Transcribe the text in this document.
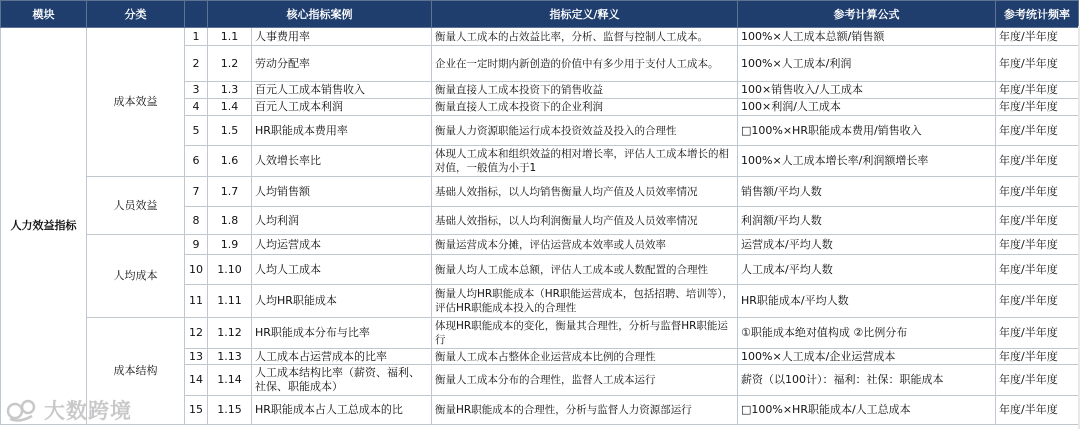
模块	分类		核心指标案例		指标定义/释义	参考计算公式	参考统计频率
人力效益指标	成本效益	1	1.1	人事费用率	衡量人工成本的占效益比率，分析、监督与控制人工成本。	100%×人工成本总额/销售额	年度/半年度
		2	1.2	劳动分配率	企业在一定时期内新创造的价值中有多少用于支付人工成本。	100%×人工成本/利润	年度/半年度
		3	1.3	百元人工成本销售收入	衡量直接人工成本投资下的销售收益	100×销售收入/人工成本	年度/半年度
		4	1.4	百元人工成本利润	衡量直接人工成本投资下的企业利润	100×利润/人工成本	年度/半年度
		5	1.5	HR职能成本费用率	衡量人力资源职能运行成本投资效益及投入的合理性	□100%×HR职能成本费用/销售收入	年度/半年度
		6	1.6	人效增长率比	体现人工成本和组织效益的相对增长率，评估人工成本增长的相对值，一般值为小于1	100%×人工成本增长率/利润额增长率	年度/半年度
	人员效益	7	1.7	人均销售额	基础人效指标，以人均销售衡量人均产值及人员效率情况	销售额/平均人数	年度/半年度
		8	1.8	人均利润	基础人效指标，以人均利润衡量人均产值及人员效率情况	利润额/平均人数	年度/半年度
	人均成本	9	1.9	人均运营成本	衡量运营成本分摊，评估运营成本效率或人员效率	运营成本/平均人数	年度/半年度
		10	1.10	人均人工成本	衡量人均人工成本总额，评估人工成本或人数配置的合理性	人工成本/平均人数	年度/半年度
		11	1.11	人均HR职能成本	衡量人均HR职能成本（HR职能运营成本，包括招聘、培训等），评估HR职能成本投入的合理性	HR职能成本/平均人数	年度/半年度
	成本结构	12	1.12	HR职能成本分布与比率	体现HR职能成本的变化，衡量其合理性，分析与监督HR职能运行	①职能成本绝对值构成 ②比例分布	年度/半年度
		13	1.13	人工成本占运营成本的比率	衡量人工成本占整体企业运营成本比例的合理性	100%×人工成本/企业运营成本	年度/半年度
		14	1.14	人工成本结构比率（薪资、福利、社保、职能成本）	衡量人工成本分布的合理性，监督人工成本运行	薪资（以100计）：福利：社保：职能成本	年度/半年度
		15	1.15	HR职能成本占人工总成本的比	衡量HR职能成本的合理性，分析与监督人力资源部运行	□100%×HR职能成本/人工总成本	年度/半年度
大数跨境
